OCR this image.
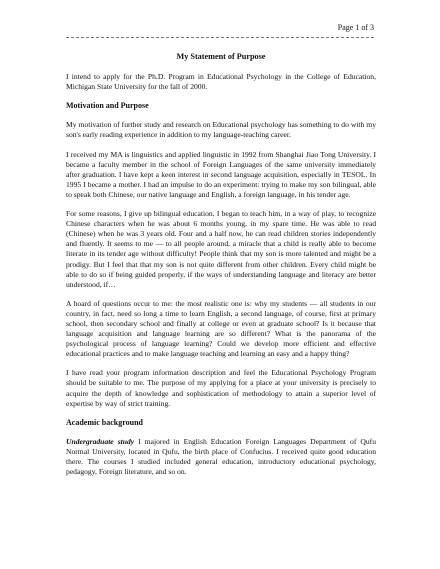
Page 1 of 3
My Statement of Purpose

I intend to apply for the Ph.D. Program in Educational Psychology in the College of Education, Michigan State University for the fall of 2000.

Motivation and Purpose

My motivation of further study and research on Educational psychology has something to do with my son's early reading experience in addition to my language-teaching career.

I received my MA is linguistics and applied linguistic in 1992 from Shanghai Jiao Tong University. I became a faculty member in the school of Foreign Languages of the same university immediately after graduation. I have kept a keen interest in second language acquisition, especially in TESOL. In 1995 I became a mother. I had an impulse to do an experiment: trying to make my son bilingual, able to speak both Chinese, our native language and English, a foreign language, in his tender age.

For some reasons, I give up bilingual education. I began to teach him, in a way of play, to recognize Chinese characters when he was about 6 months young, in my spare time. He was able to read (Chinese) when he was 3 years old. Four and a half now, he can read children stories independently and fluently. It seems to me — to all people around, a miracle that a child is really able to become literate in its tender age without difficulty! People think that my son is more talented and might be a prodigy. But I feel that that my son is not quite different from other children. Every child might be able to do so if being guided properly, if the ways of understanding language and literacy are better understood, if…

A hoard of questions occur to me: the most realistic one is: why my students — all students in our country, in fact, need so long a time to learn English, a second language, of course, first at primary school, then secondary school and finally at college or even at graduate school? Is it because that language acquisition and language learning are so different? What is the panorama of the psychological process of language learning? Could we develop more efficient and effective educational practices and to make language teaching and learning an easy and a happy thing?

I have read your program information description and feel the Educational Psychology Program should be suitable to me. The purpose of my applying for a place at your university is precisely to acquire the depth of knowledge and sophistication of methodology to attain a superior level of expertise by way of strict training.

Academic background

Undergraduate study I majored in English Education Foreign Languages Department of Qufu Normal University, located in Qufu, the birth place of Confucius. I received quite good education there. The courses I studied included general education, introductory educational psychology, pedagogy, Foreign literature, and so on.
